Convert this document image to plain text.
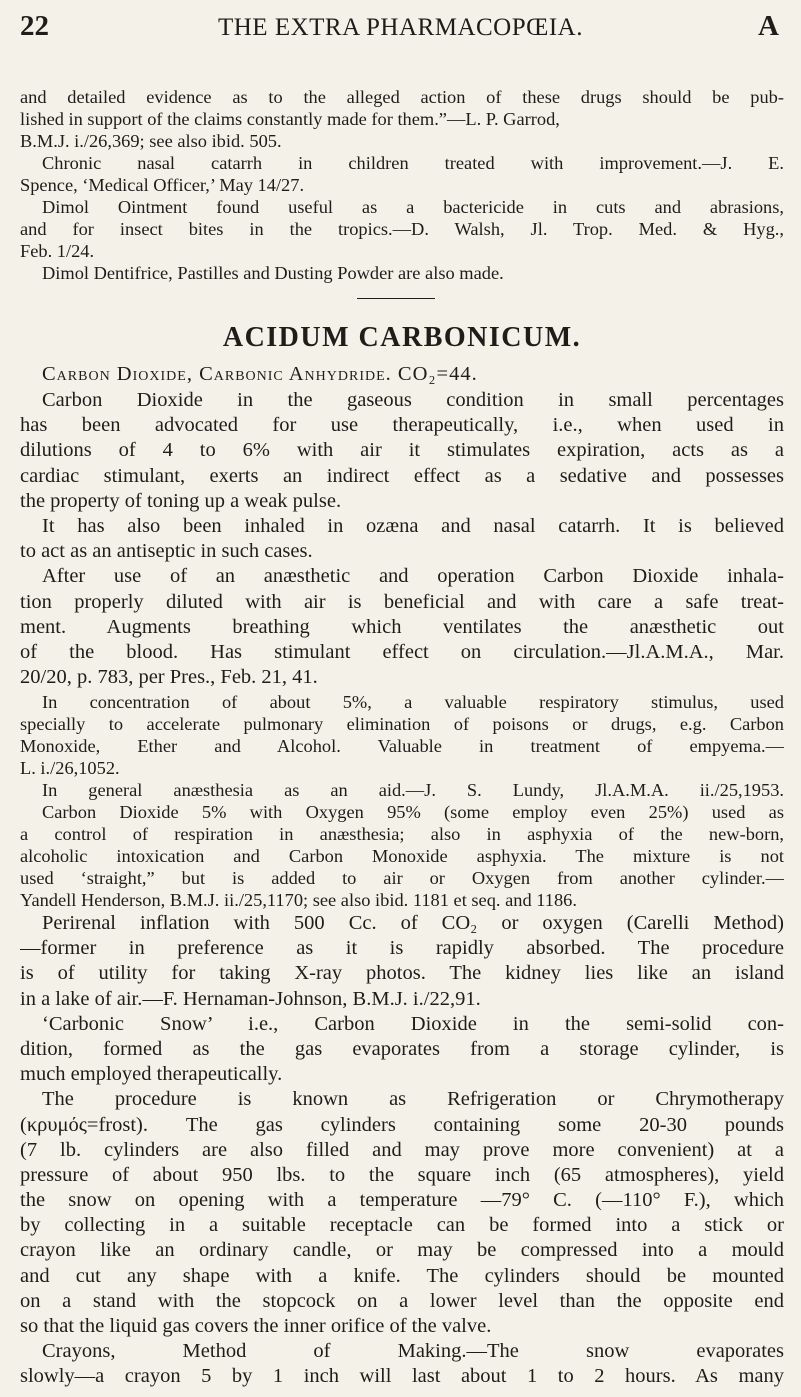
22	THE EXTRA PHARMACOPŒIA.	A
and detailed evidence as to the alleged action of these drugs should be pub-
lished in support of the claims constantly made for them.”—L. P. Garrod,
B.M.J. i./26,369; see also ibid. 505.
Chronic nasal catarrh in children treated with improvement.—J. E.
Spence, ‘Medical Officer,’ May 14/27.
Dimol Ointment found useful as a bactericide in cuts and abrasions,
and for insect bites in the tropics.—D. Walsh, Jl. Trop. Med. & Hyg.,
Feb. 1/24.
Dimol Dentifrice, Pastilles and Dusting Powder are also made.
ACIDUM CARBONICUM.
Carbon Dioxide, Carbonic Anhydride. CO₂=44.
Carbon Dioxide in the gaseous condition in small percentages
has been advocated for use therapeutically, i.e., when used in
dilutions of 4 to 6% with air it stimulates expiration, acts as a
cardiac stimulant, exerts an indirect effect as a sedative and possesses
the property of toning up a weak pulse.
It has also been inhaled in ozæna and nasal catarrh. It is believed
to act as an antiseptic in such cases.
After use of an anæsthetic and operation Carbon Dioxide inhala-
tion properly diluted with air is beneficial and with care a safe treat-
ment. Augments breathing which ventilates the anæsthetic out
of the blood. Has stimulant effect on circulation.—Jl.A.M.A., Mar.
20/20, p. 783, per Pres., Feb. 21, 41.
In concentration of about 5%, a valuable respiratory stimulus, used
specially to accelerate pulmonary elimination of poisons or drugs, e.g. Carbon
Monoxide, Ether and Alcohol. Valuable in treatment of empyema.—
L. i./26,1052.
In general anæsthesia as an aid.—J. S. Lundy, Jl.A.M.A. ii./25,1953.
Carbon Dioxide 5% with Oxygen 95% (some employ even 25%) used as
a control of respiration in anæsthesia; also in asphyxia of the new-born,
alcoholic intoxication and Carbon Monoxide asphyxia. The mixture is not
used ‘straight,” but is added to air or Oxygen from another cylinder.—
Yandell Henderson, B.M.J. ii./25,1170; see also ibid. 1181 et seq. and 1186.
Perirenal inflation with 500 Cc. of CO₂ or oxygen (Carelli Method)
—former in preference as it is rapidly absorbed. The procedure
is of utility for taking X-ray photos. The kidney lies like an island
in a lake of air.—F. Hernaman-Johnson, B.M.J. i./22,91.
‘Carbonic Snow’ i.e., Carbon Dioxide in the semi-solid con-
dition, formed as the gas evaporates from a storage cylinder, is
much employed therapeutically.
The procedure is known as Refrigeration or Chrymotherapy
(κρυμός=frost). The gas cylinders containing some 20-30 pounds
(7 lb. cylinders are also filled and may prove more convenient) at a
pressure of about 950 lbs. to the square inch (65 atmospheres), yield
the snow on opening with a temperature —79° C. (—110° F.), which
by collecting in a suitable receptacle can be formed into a stick or
crayon like an ordinary candle, or may be compressed into a mould
and cut any shape with a knife. The cylinders should be mounted
on a stand with the stopcock on a lower level than the opposite end
so that the liquid gas covers the inner orifice of the valve.
Crayons, Method of Making.—The snow evaporates
slowly—a crayon 5 by 1 inch will last about 1 to 2 hours. As many
